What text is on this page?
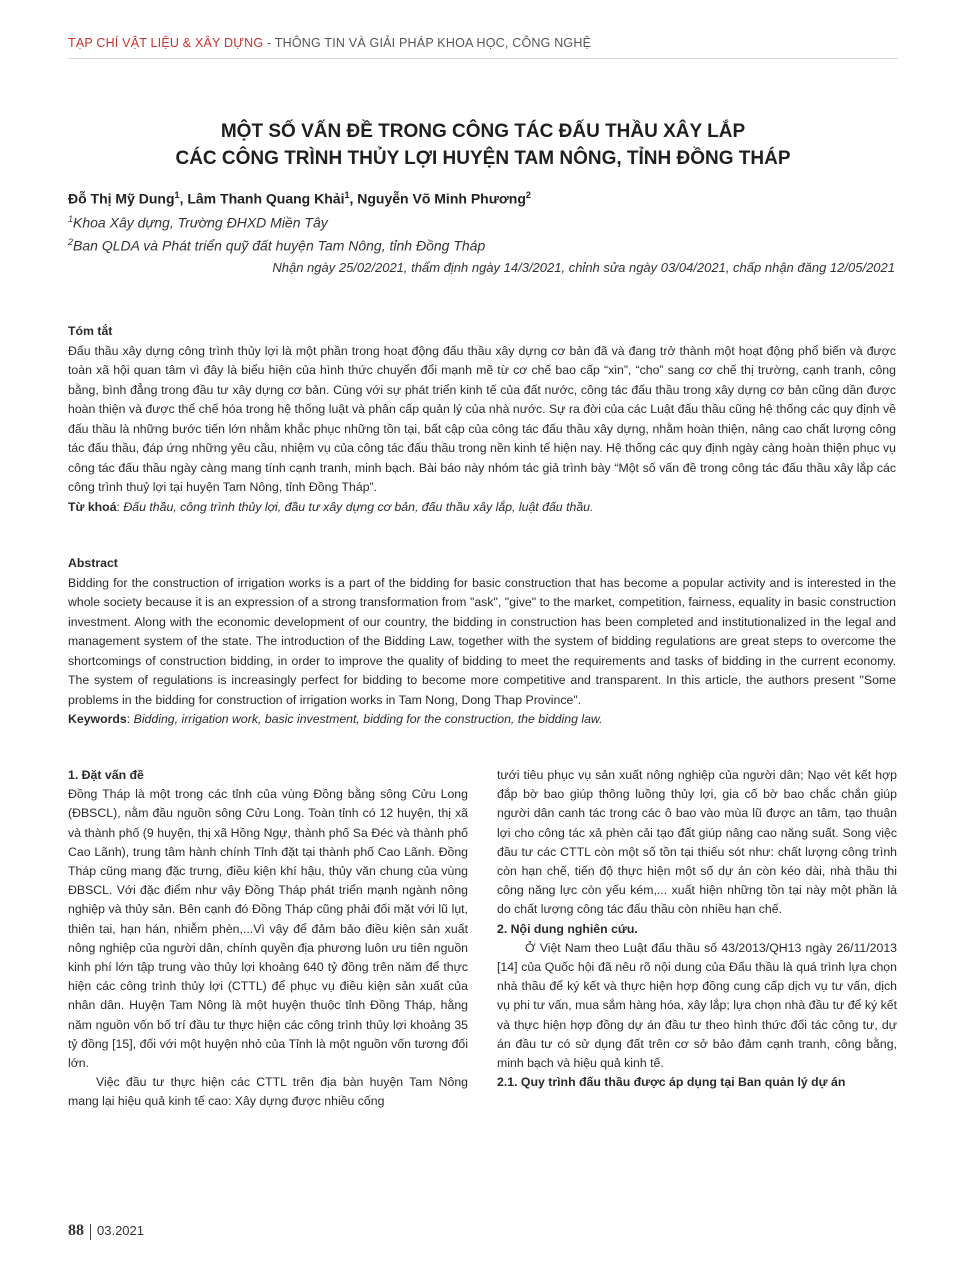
TẠP CHÍ VẬT LIỆU & XÂY DỰNG - THÔNG TIN VÀ GIẢI PHÁP KHOA HỌC, CÔNG NGHỆ
MỘT SỐ VẤN ĐỀ TRONG CÔNG TÁC ĐẤU THẦU XÂY LẮP
CÁC CÔNG TRÌNH THỦY LỢI HUYỆN TAM NÔNG, TỈNH ĐỒNG THÁP
Đỗ Thị Mỹ Dung$^1$, Lâm Thanh Quang Khải$^1$, Nguyễn Võ Minh Phương$^2$
$^1$Khoa Xây dựng, Trường ĐHXD Miền Tây
$^2$Ban QLDA và Phát triển quỹ đất huyện Tam Nông, tỉnh Đồng Tháp
Nhận ngày 25/02/2021, thẩm định ngày 14/3/2021, chỉnh sửa ngày 03/04/2021, chấp nhận đăng 12/05/2021
Tóm tắt
Đấu thầu xây dựng công trình thủy lợi là một phần trong hoạt động đấu thầu xây dựng cơ bản đã và đang trở thành một hoạt động phổ biến và được toàn xã hội quan tâm vì đây là biểu hiện của hình thức chuyển đổi mạnh mẽ từ cơ chế bao cấp “xin”, “cho” sang cơ chế thị trường, cạnh tranh, công bằng, bình đẳng trong đầu tư xây dựng cơ bản. Cùng với sự phát triển kinh tế của đất nước, công tác đấu thầu trong xây dựng cơ bản cũng dần được hoàn thiện và được thể chế hóa trong hệ thống luật và phân cấp quản lý của nhà nước. Sự ra đời của các Luật đấu thầu cũng hệ thống các quy định về đấu thầu là những bước tiến lớn nhằm khắc phục những tồn tại, bất cập của công tác đấu thầu xây dựng, nhằm hoàn thiện, nâng cao chất lượng công tác đấu thầu, đáp ứng những yêu cầu, nhiệm vụ của công tác đấu thầu trong nền kinh tế hiện nay. Hệ thống các quy định ngày càng hoàn thiện phục vụ công tác đấu thầu ngày càng mang tính cạnh tranh, minh bạch. Bài báo này nhóm tác giả trình bày “Một số vấn đề trong công tác đấu thầu xây lắp các công trình thuỷ lợi tại huyện Tam Nông, tỉnh Đồng Tháp”.
Từ khoá: Đấu thầu, công trình thủy lợi, đầu tư xây dựng cơ bản, đấu thầu xây lắp, luật đấu thầu.
Abstract
Bidding for the construction of irrigation works is a part of the bidding for basic construction that has become a popular activity and is interested in the whole society because it is an expression of a strong transformation from "ask", "give" to the market, competition, fairness, equality in basic construction investment. Along with the economic development of our country, the bidding in construction has been completed and institutionalized in the legal and management system of the state. The introduction of the Bidding Law, together with the system of bidding regulations are great steps to overcome the shortcomings of construction bidding, in order to improve the quality of bidding to meet the requirements and tasks of bidding in the current economy. The system of regulations is increasingly perfect for bidding to become more competitive and transparent. In this article, the authors present "Some problems in the bidding for construction of irrigation works in Tam Nong, Dong Thap Province".
Keywords: Bidding, irrigation work, basic investment, bidding for the construction, the bidding law.

1. Đặt vấn đề

Đồng Tháp là một trong các tỉnh của vùng Đồng bằng sông Cửu Long (ĐBSCL), nằm đầu nguồn sông Cửu Long. Toàn tỉnh có 12 huyện, thị xã và thành phố (9 huyện, thị xã Hồng Ngự, thành phố Sa Đéc và thành phố Cao Lãnh), trung tâm hành chính Tỉnh đặt tại thành phố Cao Lãnh. Đồng Tháp cũng mang đặc trưng, điều kiện khí hậu, thủy văn chung của vùng ĐBSCL. Với đặc điểm như vậy Đồng Tháp phát triển mạnh ngành nông nghiệp và thủy sản. Bên cạnh đó Đồng Tháp cũng phải đối mặt với lũ lụt, thiên tai, hạn hán, nhiễm phèn,...Vì vậy để đảm bảo điều kiện sản xuất nông nghiệp của người dân, chính quyền địa phương luôn ưu tiên nguồn kinh phí lớn tập trung vào thủy lợi khoảng 640 tỷ đồng trên năm để thực hiện các công trình thủy lợi (CTTL) để phục vụ điều kiện sản xuất của nhân dân. Huyện Tam Nông là một huyện thuộc tỉnh Đồng Tháp, hằng năm nguồn vốn bố trí đầu tư thực hiện các công trình thủy lợi khoảng 35 tỷ đồng [15], đối với một huyện nhỏ của Tỉnh là một nguồn vốn tương đối lớn.

Việc đầu tư thực hiện các CTTL trên địa bàn huyện Tam Nông mang lại hiệu quả kinh tế cao: Xây dựng được nhiều cống

tưới tiêu phục vụ sản xuất nông nghiệp của người dân; Nạo vét kết hợp đắp bờ bao giúp thông luồng thủy lợi, gia cố bờ bao chắc chắn giúp người dân canh tác trong các ô bao vào mùa lũ được an tâm, tạo thuận lợi cho công tác xả phèn cải tạo đất giúp nâng cao năng suất. Song việc đầu tư các CTTL còn một số tồn tại thiếu sót như: chất lượng công trình còn hạn chế, tiến độ thực hiện một số dự án còn kéo dài, nhà thầu thi công năng lực còn yếu kém,... xuất hiện những tồn tại này một phần là do chất lượng công tác đấu thầu còn nhiều hạn chế.

2. Nội dung nghiên cứu.

Ở Việt Nam theo Luật đấu thầu số 43/2013/QH13 ngày 26/11/2013 [14] của Quốc hội đã nêu rõ nội dung của Đấu thầu là quá trình lựa chọn nhà thầu để ký kết và thực hiện hợp đồng cung cấp dịch vụ tư vấn, dịch vụ phi tư vấn, mua sắm hàng hóa, xây lắp; lựa chọn nhà đầu tư để ký kết và thực hiện hợp đồng dự án đầu tư theo hình thức đối tác công tư, dự án đầu tư có sử dụng đất trên cơ sở bảo đảm cạnh tranh, công bằng, minh bạch và hiệu quả kinh tế.

2.1. Quy trình đấu thầu được áp dụng tại Ban quản lý dự án

88 03.2021
